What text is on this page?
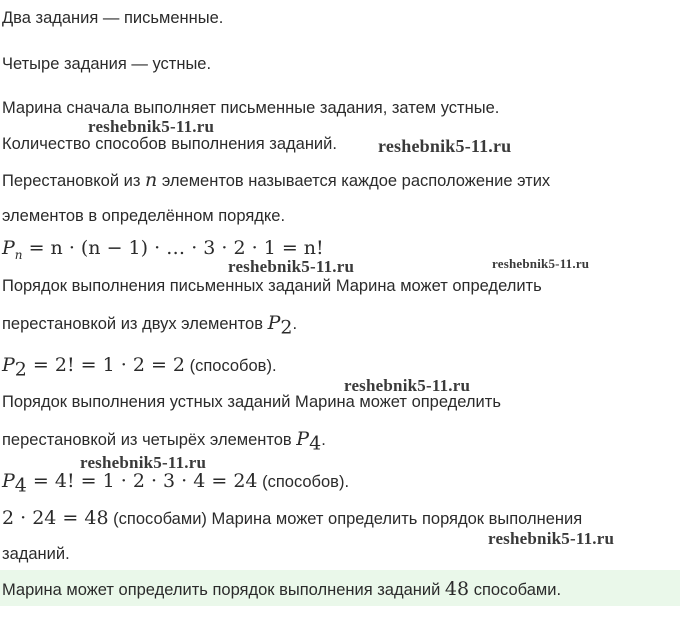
Два задания — письменные.
Четыре задания — устные.
Марина сначала выполняет письменные задания, затем устные.
Количество способов выполнения заданий.
Перестановкой из n элементов называется каждое расположение этих
элементов в определённом порядке.
$P_n = n \cdot (n - 1)$ · … · 3 · 2 · 1 = n!
Порядок выполнения письменных заданий Марина может определить
перестановкой из двух элементов $P_2$.
$P_2 = 2$! = 1 · 2 = 2 (способов).
Порядок выполнения устных заданий Марина может определить
перестановкой из четырёх элементов $P_4$.
$P_4 = 4$! = 1 · 2 · 3 · 4 = 24 (способов).
2 · 24 = 48 (способами) Марина может определить порядок выполнения
заданий.
Марина может определить порядок выполнения заданий 48 способами.
reshebnik5-11.ru
reshebnik5-11.ru
reshebnik5-11.ru	reshebnik5-11.ru
reshebnik5-11.ru
reshebnik5-11.ru
reshebnik5-11.ru
